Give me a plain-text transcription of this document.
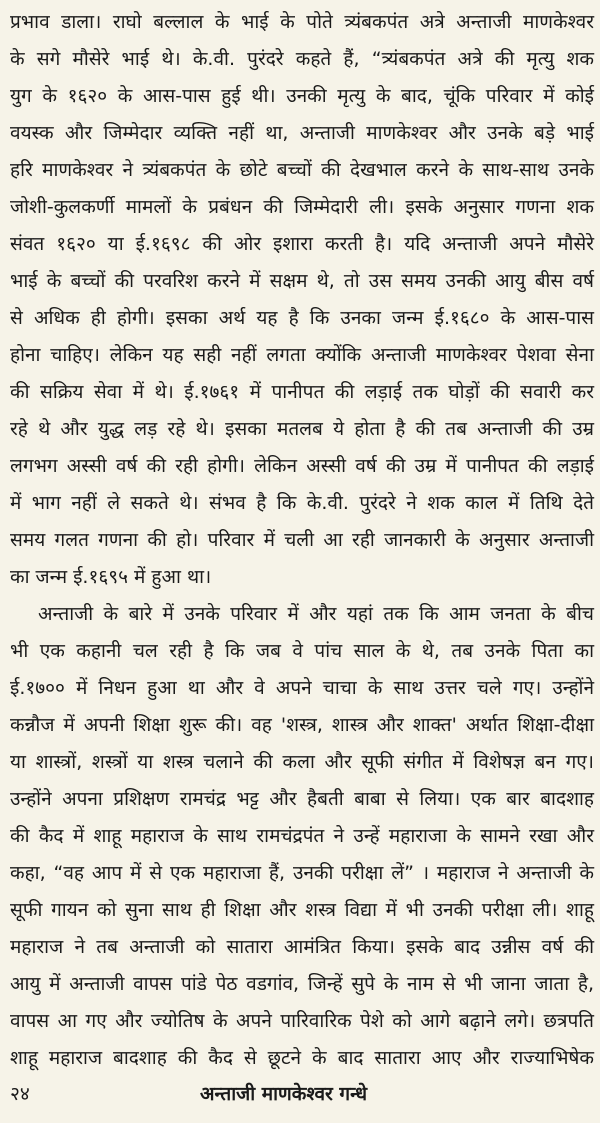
प्रभाव डाला। राघो बल्लाल के भाई के पोते त्र्यंबकपंत अत्रे अन्ताजी माणकेश्वर
के सगे मौसेरे भाई थे। के.वी. पुरंदरे कहते हैं, “त्र्यंबकपंत अत्रे की मृत्यु शक
युग के १६२० के आस-पास हुई थी। उनकी मृत्यु के बाद, चूंकि परिवार में कोई
वयस्क और जिम्मेदार व्यक्ति नहीं था, अन्ताजी माणकेश्वर और उनके बड़े भाई
हरि माणकेश्वर ने त्र्यंबकपंत के छोटे बच्चों की देखभाल करने के साथ-साथ उनके
जोशी-कुलकर्णी मामलों के प्रबंधन की जिम्मेदारी ली। इसके अनुसार गणना शक
संवत १६२० या ई.१६९८ की ओर इशारा करती है। यदि अन्ताजी अपने मौसेरे
भाई के बच्चों की परवरिश करने में सक्षम थे, तो उस समय उनकी आयु बीस वर्ष
से अधिक ही होगी। इसका अर्थ यह है कि उनका जन्म ई.१६८० के आस-पास
होना चाहिए। लेकिन यह सही नहीं लगता क्योंकि अन्ताजी माणकेश्वर पेशवा सेना
की सक्रिय सेवा में थे। ई.१७६१ में पानीपत की लड़ाई तक घोड़ों की सवारी कर
रहे थे और युद्ध लड़ रहे थे। इसका मतलब ये होता है की तब अन्ताजी की उम्र
लगभग अस्सी वर्ष की रही होगी। लेकिन अस्सी वर्ष की उम्र में पानीपत की लड़ाई
में भाग नहीं ले सकते थे। संभव है कि के.वी. पुरंदरे ने शक काल में तिथि देते
समय गलत गणना की हो। परिवार में चली आ रही जानकारी के अनुसार अन्ताजी
का जन्म ई.१६९५ में हुआ था।
अन्ताजी के बारे में उनके परिवार में और यहां तक कि आम जनता के बीच
भी एक कहानी चल रही है कि जब वे पांच साल के थे, तब उनके पिता का
ई.१७०० में निधन हुआ था और वे अपने चाचा के साथ उत्तर चले गए। उन्होंने
कन्नौज में अपनी शिक्षा शुरू की। वह 'शस्त्र, शास्त्र और शाक्त' अर्थात शिक्षा-दीक्षा
या शास्त्रों, शस्त्रों या शस्त्र चलाने की कला और सूफी संगीत में विशेषज्ञ बन गए।
उन्होंने अपना प्रशिक्षण रामचंद्र भट्ट और हैबती बाबा से लिया। एक बार बादशाह
की कैद में शाहू महाराज के साथ रामचंद्रपंत ने उन्हें महाराजा के सामने रखा और
कहा, “वह आप में से एक महाराजा हैं, उनकी परीक्षा लें” । महाराज ने अन्ताजी के
सूफी गायन को सुना साथ ही शिक्षा और शस्त्र विद्या में भी उनकी परीक्षा ली। शाहू
महाराज ने तब अन्ताजी को सातारा आमंत्रित किया। इसके बाद उन्नीस वर्ष की
आयु में अन्ताजी वापस पांडे पेठ वडगांव, जिन्हें सुपे के नाम से भी जाना जाता है,
वापस आ गए और ज्योतिष के अपने पारिवारिक पेशे को आगे बढ़ाने लगे। छत्रपति
शाहू महाराज बादशाह की कैद से छूटने के बाद सातारा आए और राज्याभिषेक
२४	अन्ताजी माणकेश्वर गन्धे
